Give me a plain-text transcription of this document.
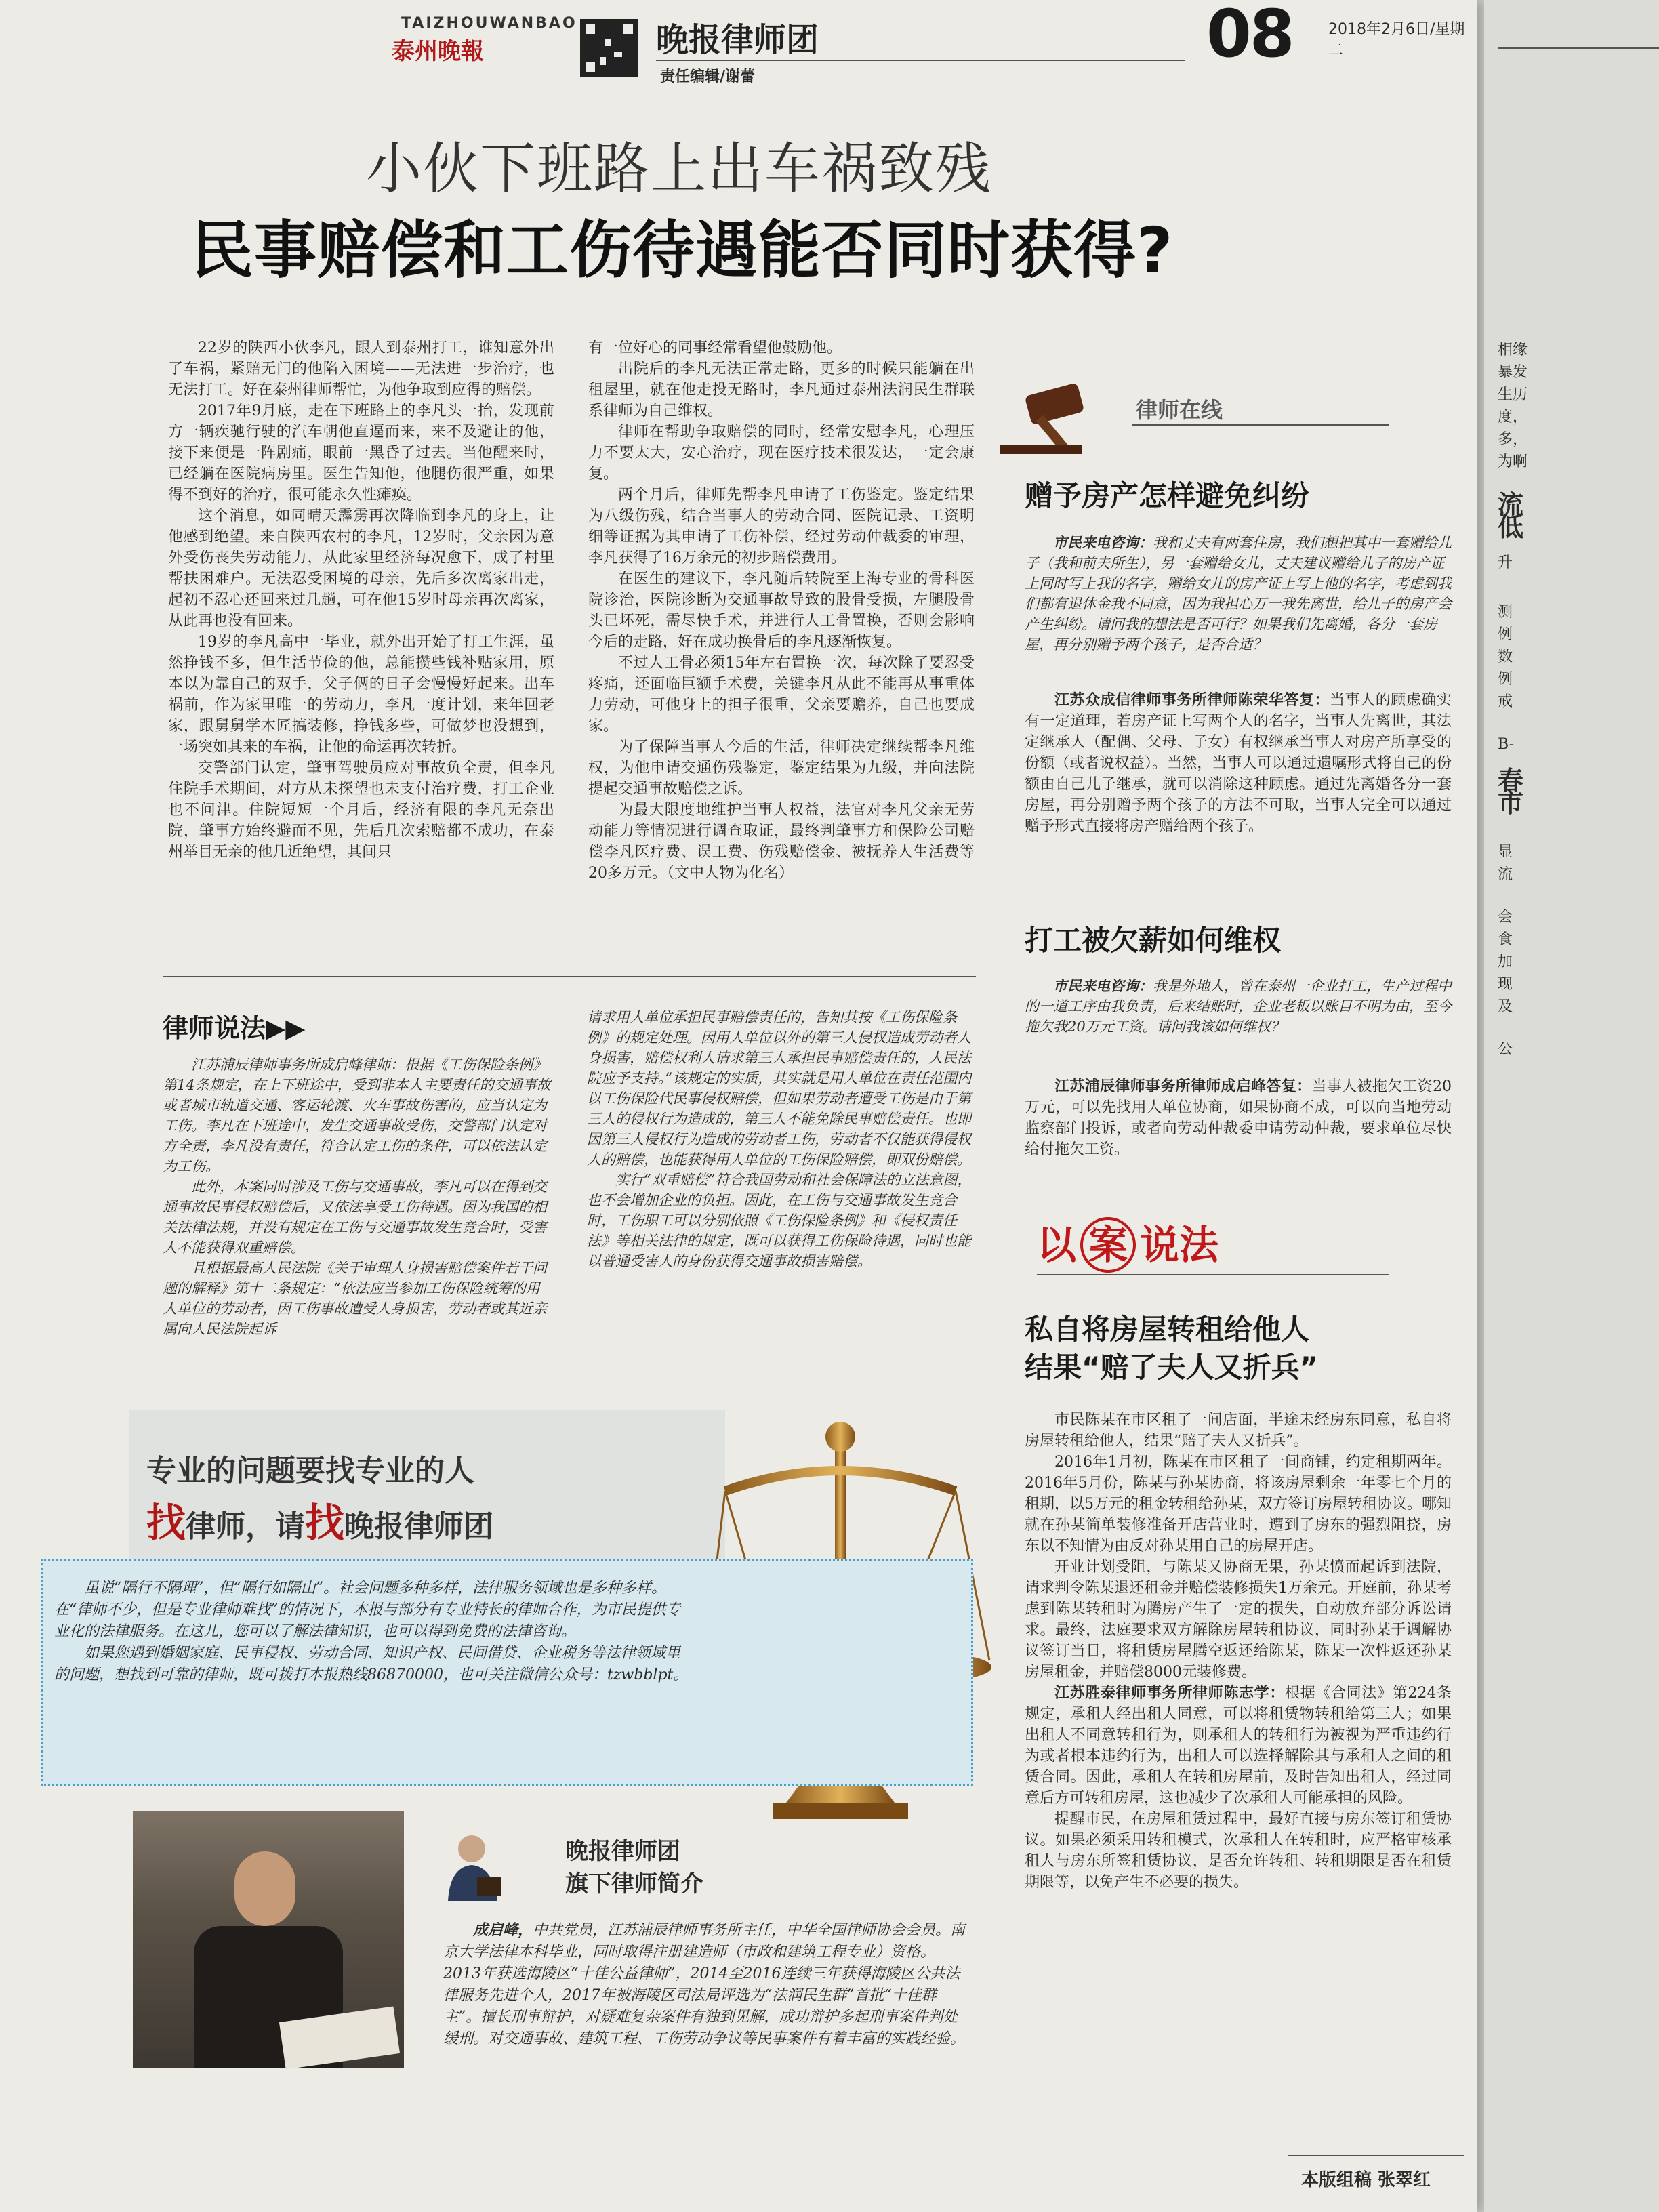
TAIZHOUWANBAO
泰州晚報	晚报律师团
责任编辑/谢蕾
08 2018年2月6日/星期二
小伙下班路上出车祸致残
民事赔偿和工伤待遇能否同时获得?

22岁的陕西小伙李凡，跟人到泰州打工，谁知意外出了车祸，紧赔无门的他陷入困境——无法进一步治疗，也无法打工。好在泰州律师帮忙，为他争取到应得的赔偿。

2017年9月底，走在下班路上的李凡头一抬，发现前方一辆疾驰行驶的汽车朝他直逼而来，来不及避让的他，接下来便是一阵剧痛，眼前一黑昏了过去。当他醒来时，已经躺在医院病房里。医生告知他，他腿伤很严重，如果得不到好的治疗，很可能永久性瘫痪。

这个消息，如同晴天霹雳再次降临到李凡的身上，让他感到绝望。来自陕西农村的李凡，12岁时，父亲因为意外受伤丧失劳动能力，从此家里经济每况愈下，成了村里帮扶困难户。无法忍受困境的母亲，先后多次离家出走，起初不忍心还回来过几趟，可在他15岁时母亲再次离家，从此再也没有回来。

19岁的李凡高中一毕业，就外出开始了打工生涯，虽然挣钱不多，但生活节俭的他，总能攒些钱补贴家用，原本以为靠自己的双手，父子俩的日子会慢慢好起来。出车祸前，作为家里唯一的劳动力，李凡一度计划，来年回老家，跟舅舅学木匠搞装修，挣钱多些，可做梦也没想到，一场突如其来的车祸，让他的命运再次转折。

交警部门认定，肇事驾驶员应对事故负全责，但李凡住院手术期间，对方从未探望也未支付治疗费，打工企业也不问津。住院短短一个月后，经济有限的李凡无奈出院，肇事方始终避而不见，先后几次索赔都不成功，在泰州举目无亲的他几近绝望，其间只

有一位好心的同事经常看望他鼓励他。

出院后的李凡无法正常走路，更多的时候只能躺在出租屋里，就在他走投无路时，李凡通过泰州法润民生群联系律师为自己维权。

律师在帮助争取赔偿的同时，经常安慰李凡，心理压力不要太大，安心治疗，现在医疗技术很发达，一定会康复。

两个月后，律师先帮李凡申请了工伤鉴定。鉴定结果为八级伤残，结合当事人的劳动合同、医院记录、工资明细等证据为其申请了工伤补偿，经过劳动仲裁委的审理，李凡获得了16万余元的初步赔偿费用。

在医生的建议下，李凡随后转院至上海专业的骨科医院诊治，医院诊断为交通事故导致的股骨受损，左腿股骨头已坏死，需尽快手术，并进行人工骨置换，否则会影响今后的走路，好在成功换骨后的李凡逐渐恢复。

不过人工骨必须15年左右置换一次，每次除了要忍受疼痛，还面临巨额手术费，关键李凡从此不能再从事重体力劳动，可他身上的担子很重，父亲要赡养，自己也要成家。

为了保障当事人今后的生活，律师决定继续帮李凡维权，为他申请交通伤残鉴定，鉴定结果为九级，并向法院提起交通事故赔偿之诉。

为最大限度地维护当事人权益，法官对李凡父亲无劳动能力等情况进行调查取证，最终判肇事方和保险公司赔偿李凡医疗费、误工费、伤残赔偿金、被抚养人生活费等20多万元。（文中人物为化名）

律师说法▶▶

江苏浦辰律师事务所成启峰律师：根据《工伤保险条例》第14条规定，在上下班途中，受到非本人主要责任的交通事故或者城市轨道交通、客运轮渡、火车事故伤害的，应当认定为工伤。李凡在下班途中，发生交通事故受伤，交警部门认定对方全责，李凡没有责任，符合认定工伤的条件，可以依法认定为工伤。

此外，本案同时涉及工伤与交通事故，李凡可以在得到交通事故民事侵权赔偿后，又依法享受工伤待遇。因为我国的相关法律法规，并没有规定在工伤与交通事故发生竞合时，受害人不能获得双重赔偿。

且根据最高人民法院《关于审理人身损害赔偿案件若干问题的解释》第十二条规定：“依法应当参加工伤保险统筹的用人单位的劳动者，因工伤事故遭受人身损害，劳动者或其近亲属向人民法院起诉

请求用人单位承担民事赔偿责任的，告知其按《工伤保险条例》的规定处理。因用人单位以外的第三人侵权造成劳动者人身损害，赔偿权利人请求第三人承担民事赔偿责任的，人民法院应予支持。”该规定的实质，其实就是用人单位在责任范围内以工伤保险代民事侵权赔偿，但如果劳动者遭受工伤是由于第三人的侵权行为造成的，第三人不能免除民事赔偿责任。也即因第三人侵权行为造成的劳动者工伤，劳动者不仅能获得侵权人的赔偿，也能获得用人单位的工伤保险赔偿，即双份赔偿。

实行“双重赔偿”符合我国劳动和社会保障法的立法意图，也不会增加企业的负担。因此，在工伤与交通事故发生竞合时，工伤职工可以分别依照《工伤保险条例》和《侵权责任法》等相关法律的规定，既可以获得工伤保险待遇，同时也能以普通受害人的身份获得交通事故损害赔偿。

专业的问题要找专业的人
找律师，请找晚报律师团

虽说“隔行不隔理”，但“隔行如隔山”。社会问题多种多样，法律服务领域也是多种多样。在“律师不少，但是专业律师难找”的情况下，本报与部分有专业特长的律师合作，为市民提供专业化的法律服务。在这儿，您可以了解法律知识，也可以得到免费的法律咨询。

如果您遇到婚姻家庭、民事侵权、劳动合同、知识产权、民间借贷、企业税务等法律领域里的问题，想找到可靠的律师，既可拨打本报热线86870000，也可关注微信公众号：tzwbblpt。

晚报律师团
旗下律师简介

成启峰，中共党员，江苏浦辰律师事务所主任，中华全国律师协会会员。南京大学法律本科毕业，同时取得注册建造师（市政和建筑工程专业）资格。2013年获选海陵区“十佳公益律师”，2014至2016连续三年获得海陵区公共法律服务先进个人，2017年被海陵区司法局评选为“法润民生群”首批“十佳群主”。擅长刑事辩护，对疑难复杂案件有独到见解，成功辩护多起刑事案件判处缓刑。对交通事故、建筑工程、工伤劳动争议等民事案件有着丰富的实践经验。

律师在线
赠予房产怎样避免纠纷

市民来电咨询：我和丈夫有两套住房，我们想把其中一套赠给儿子（我和前夫所生），另一套赠给女儿，丈夫建议赠给儿子的房产证上同时写上我的名字，赠给女儿的房产证上写上他的名字，考虑到我们都有退休金我不同意，因为我担心万一我先离世，给儿子的房产会产生纠纷。请问我的想法是否可行？如果我们先离婚，各分一套房屋，再分别赠予两个孩子，是否合适？

江苏众成信律师事务所律师陈荣华答复：当事人的顾虑确实有一定道理，若房产证上写两个人的名字，当事人先离世，其法定继承人（配偶、父母、子女）有权继承当事人对房产所享受的份额（或者说权益）。当然，当事人可以通过遗嘱形式将自己的份额由自己儿子继承，就可以消除这种顾虑。通过先离婚各分一套房屋，再分别赠予两个孩子的方法不可取，当事人完全可以通过赠予形式直接将房产赠给两个孩子。

打工被欠薪如何维权

市民来电咨询：我是外地人，曾在泰州一企业打工，生产过程中的一道工序由我负责，后来结账时，企业老板以账目不明为由，至今拖欠我20万元工资。请问我该如何维权？

江苏浦辰律师事务所律师成启峰答复：当事人被拖欠工资20万元，可以先找用人单位协商，如果协商不成，可以向当地劳动监察部门投诉，或者向劳动仲裁委申请劳动仲裁，要求单位尽快给付拖欠工资。

以 案 说法
私自将房屋转租给他人
结果“赔了夫人又折兵”

市民陈某在市区租了一间店面，半途未经房东同意，私自将房屋转租给他人，结果“赔了夫人又折兵”。

2016年1月初，陈某在市区租了一间商铺，约定租期两年。2016年5月份，陈某与孙某协商，将该房屋剩余一年零七个月的租期，以5万元的租金转租给孙某，双方签订房屋转租协议。哪知就在孙某简单装修准备开店营业时，遭到了房东的强烈阻挠，房东以不知情为由反对孙某用自己的房屋开店。

开业计划受阻，与陈某又协商无果，孙某愤而起诉到法院，请求判令陈某退还租金并赔偿装修损失1万余元。开庭前，孙某考虑到陈某转租时为腾房产生了一定的损失，自动放弃部分诉讼请求。最终，法庭要求双方解除房屋转租协议，同时孙某于调解协议签订当日，将租赁房屋腾空返还给陈某，陈某一次性返还孙某房屋租金，并赔偿8000元装修费。

江苏胜泰律师事务所律师陈志学：根据《合同法》第224条规定，承租人经出租人同意，可以将租赁物转租给第三人；如果出租人不同意转租行为，则承租人的转租行为被视为严重违约行为或者根本违约行为，出租人可以选择解除其与承租人之间的租赁合同。因此，承租人在转租房屋前，及时告知出租人，经过同意后方可转租房屋，这也减少了次承租人可能承担的风险。

提醒市民，在房屋租赁过程中，最好直接与房东签订租赁协议。如果必须采用转租模式，次承租人在转租时，应严格审核承租人与房东所签租赁协议，是否允许转租、转租期限是否在租赁期限等，以免产生不必要的损失。

本版组稿 张翠红
相缘
暴发
生历
度，
多，
为啊
流
低
升
测
例
数
例
戒
B-
春
市
显
流
会
食
加
现
及
公
